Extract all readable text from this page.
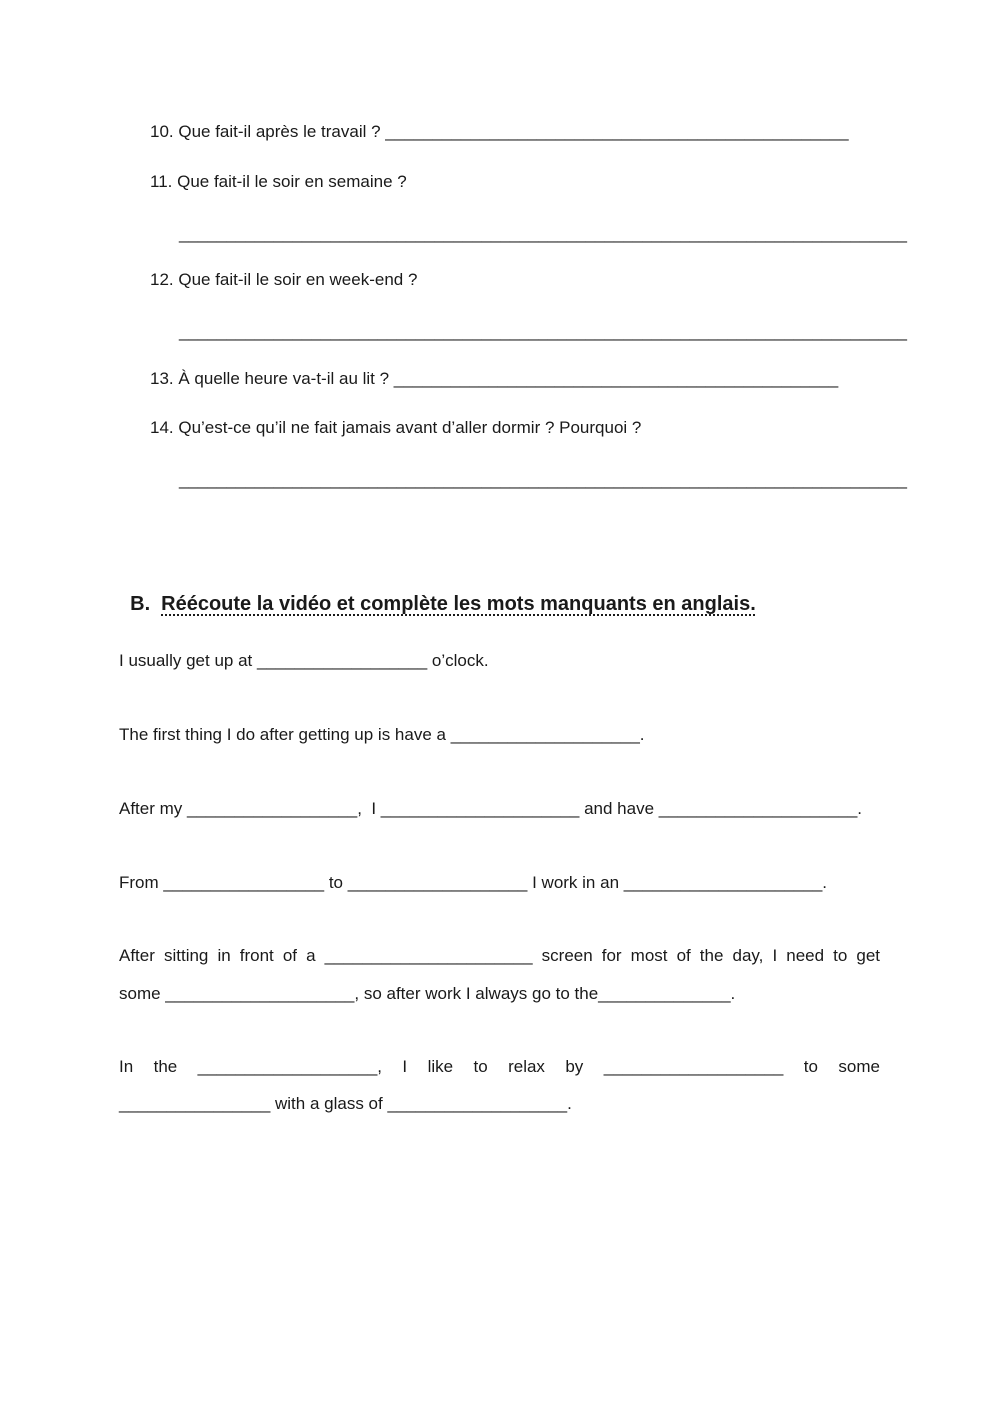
10. Que fait-il après le travail ? _________________________________________________
11. Que fait-il le soir en semaine ?
_____________________________________________________________________________
12. Que fait-il le soir en week-end ?
_____________________________________________________________________________
13. À quelle heure va-t-il au lit ? _______________________________________________
14. Qu’est-ce qu’il ne fait jamais avant d’aller dormir ? Pourquoi ?
_____________________________________________________________________________

B. Réécoute la vidéo et complète les mots manquants en anglais.

I usually get up at __________________ o’clock.
The first thing I do after getting up is have a ____________________.
After my __________________,  I _____________________ and have _____________________.
From _________________ to ___________________ I work in an _____________________.
After sitting in front of a ______________________ screen for most of the day, I need to get
some ____________________, so after work I always go to the______________.
In the ___________________, I like to relax by ___________________ to some
________________ with a glass of ___________________.
